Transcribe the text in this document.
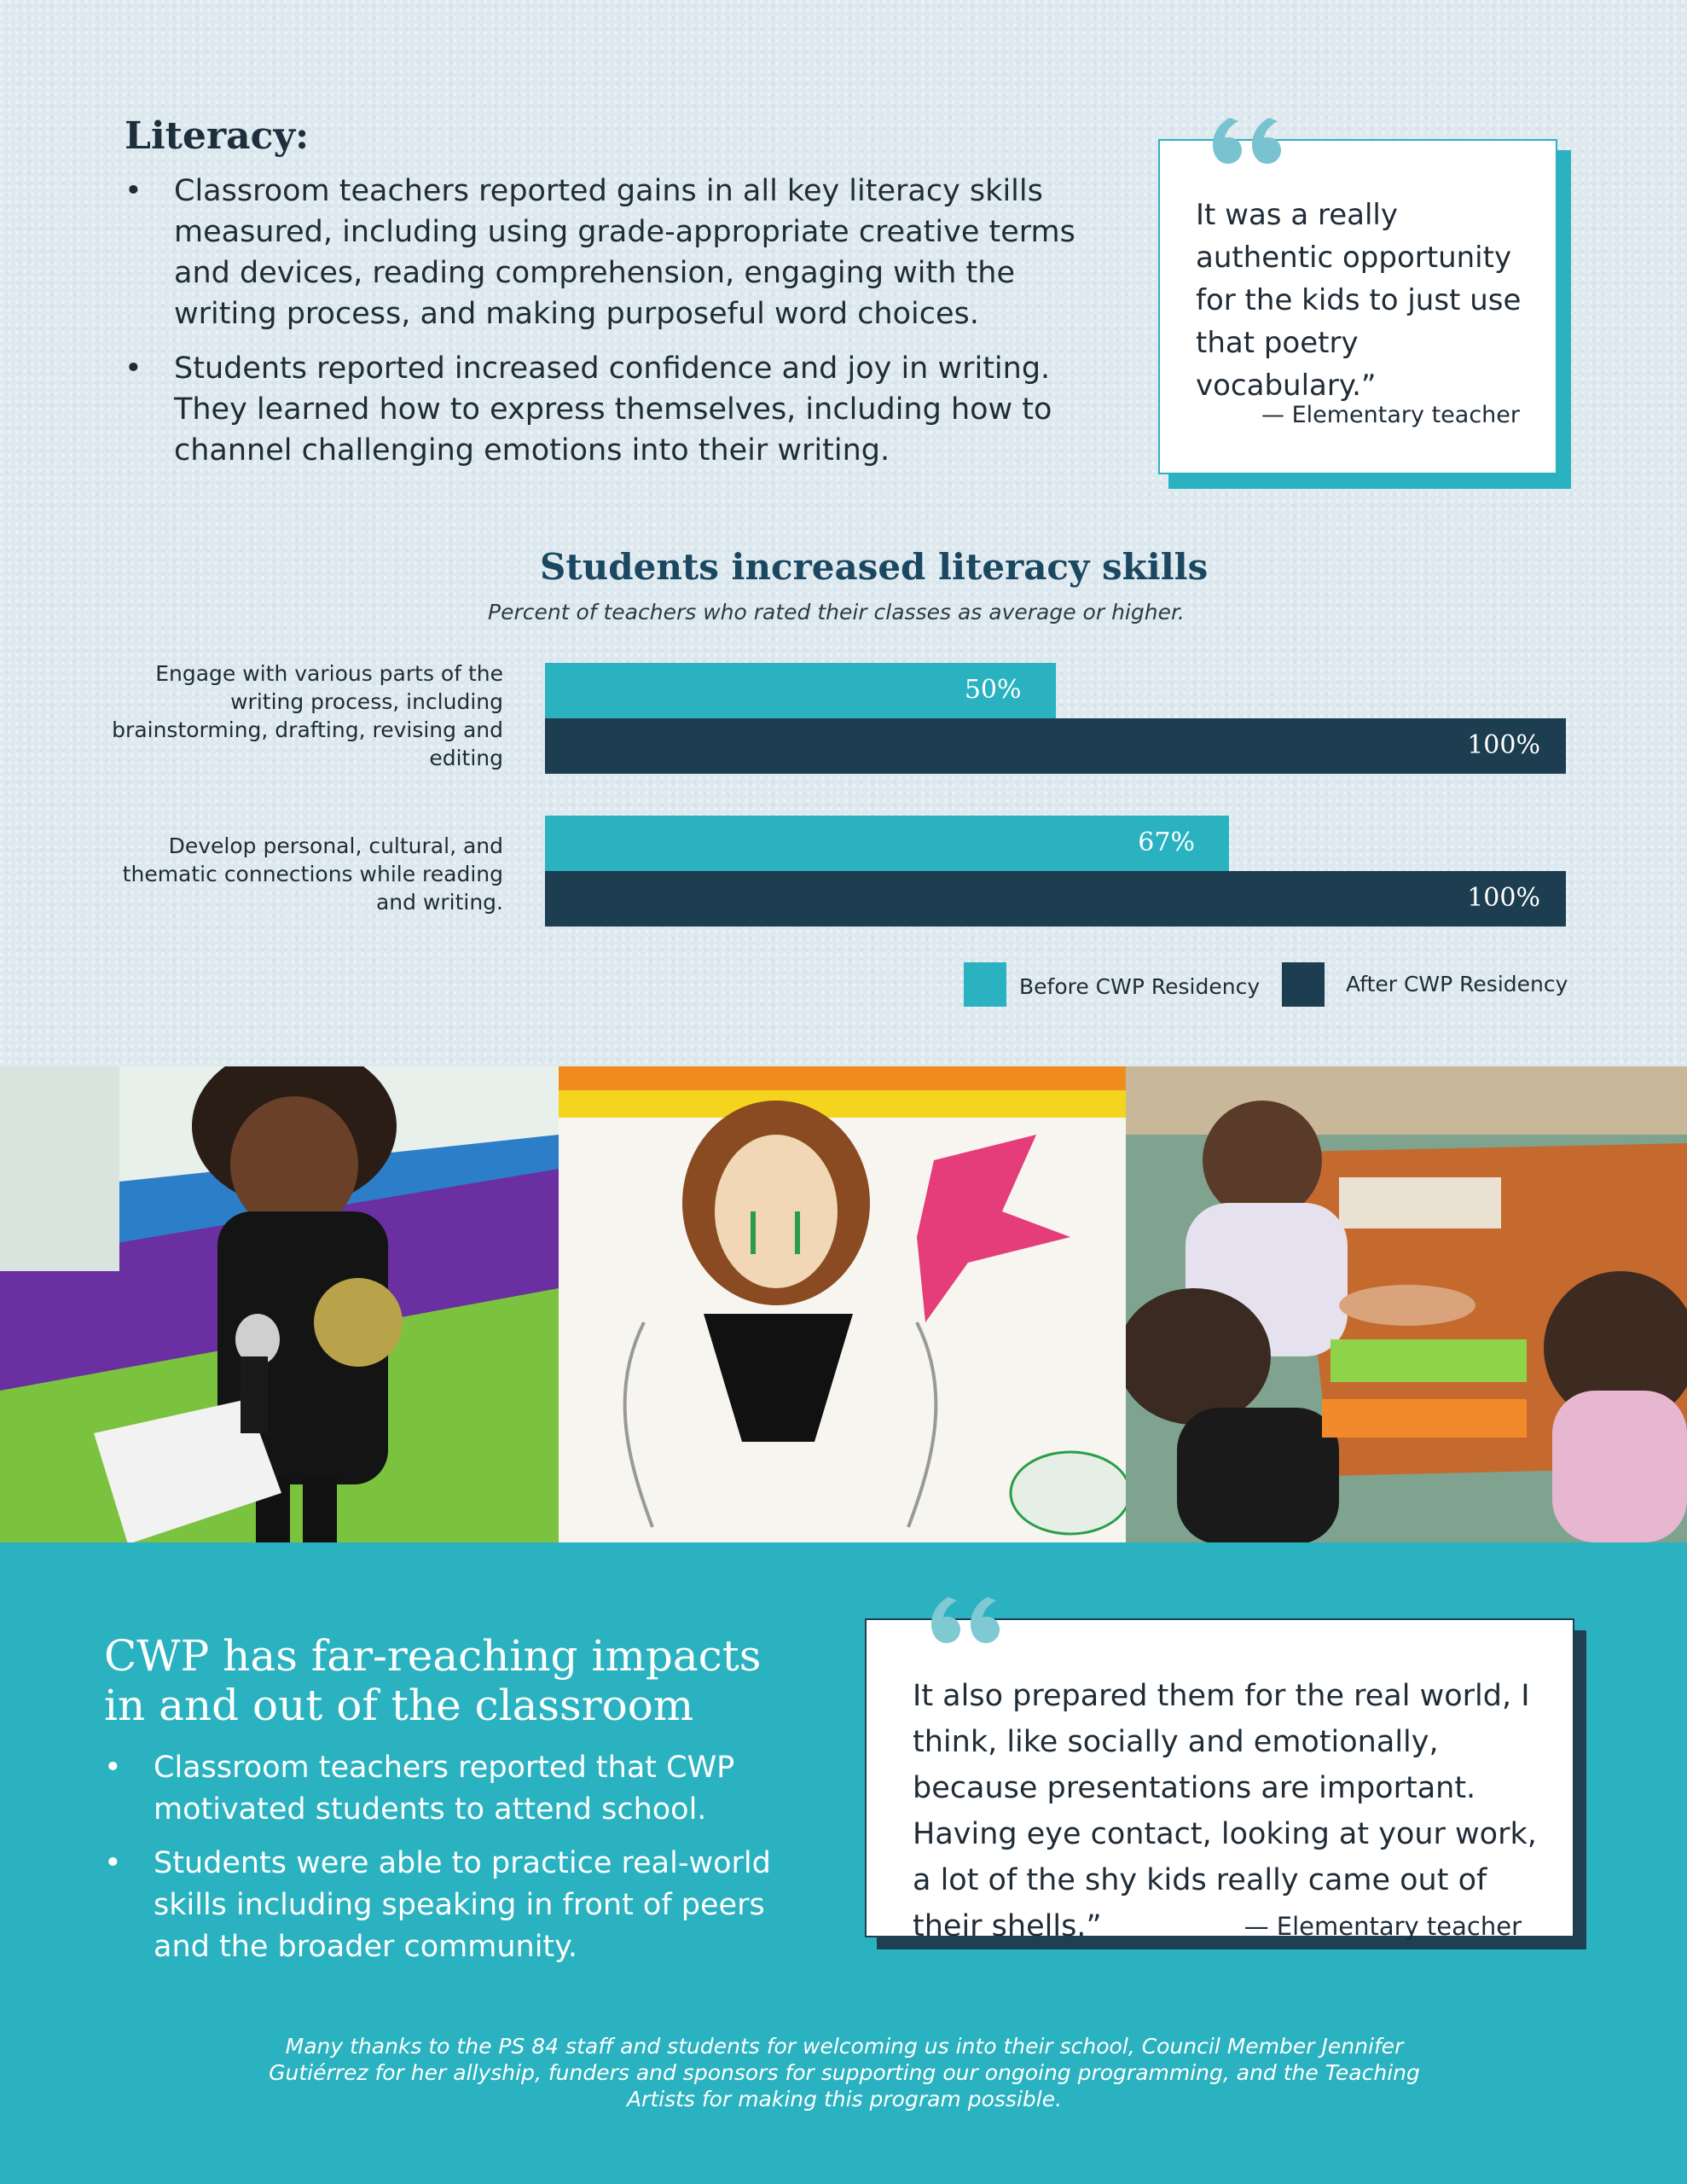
Literacy:
• Classroom teachers reported gains in all key literacy skills measured, including using grade-appropriate creative terms and devices, reading comprehension, engaging with the writing process, and making purposeful word choices.
• Students reported increased confidence and joy in writing. They learned how to express themselves, including how to channel challenging emotions into their writing.
It was a really authentic opportunity for the kids to just use that poetry vocabulary.”
— Elementary teacher
Students increased literacy skills
Percent of teachers who rated their classes as average or higher.
Engage with various parts of the writing process, including brainstorming, drafting, revising and editing
Develop personal, cultural, and thematic connections while reading and writing.
50%
67%
100%
100%
Before CWP Residency	After CWP Residency
CWP has far-reaching impacts
in and out of the classroom
• Classroom teachers reported that CWP motivated students to attend school.
• Students were able to practice real-world skills including speaking in front of peers and the broader community.
It also prepared them for the real world, I think, like socially and emotionally, because presentations are important. Having eye contact, looking at your work, a lot of the shy kids really came out of their shells.”	— Elementary teacher
Many thanks to the PS 84 staff and students for welcoming us into their school, Council Member Jennifer Gutiérrez for her allyship, funders and sponsors for supporting our ongoing programming, and the Teaching Artists for making this program possible.
